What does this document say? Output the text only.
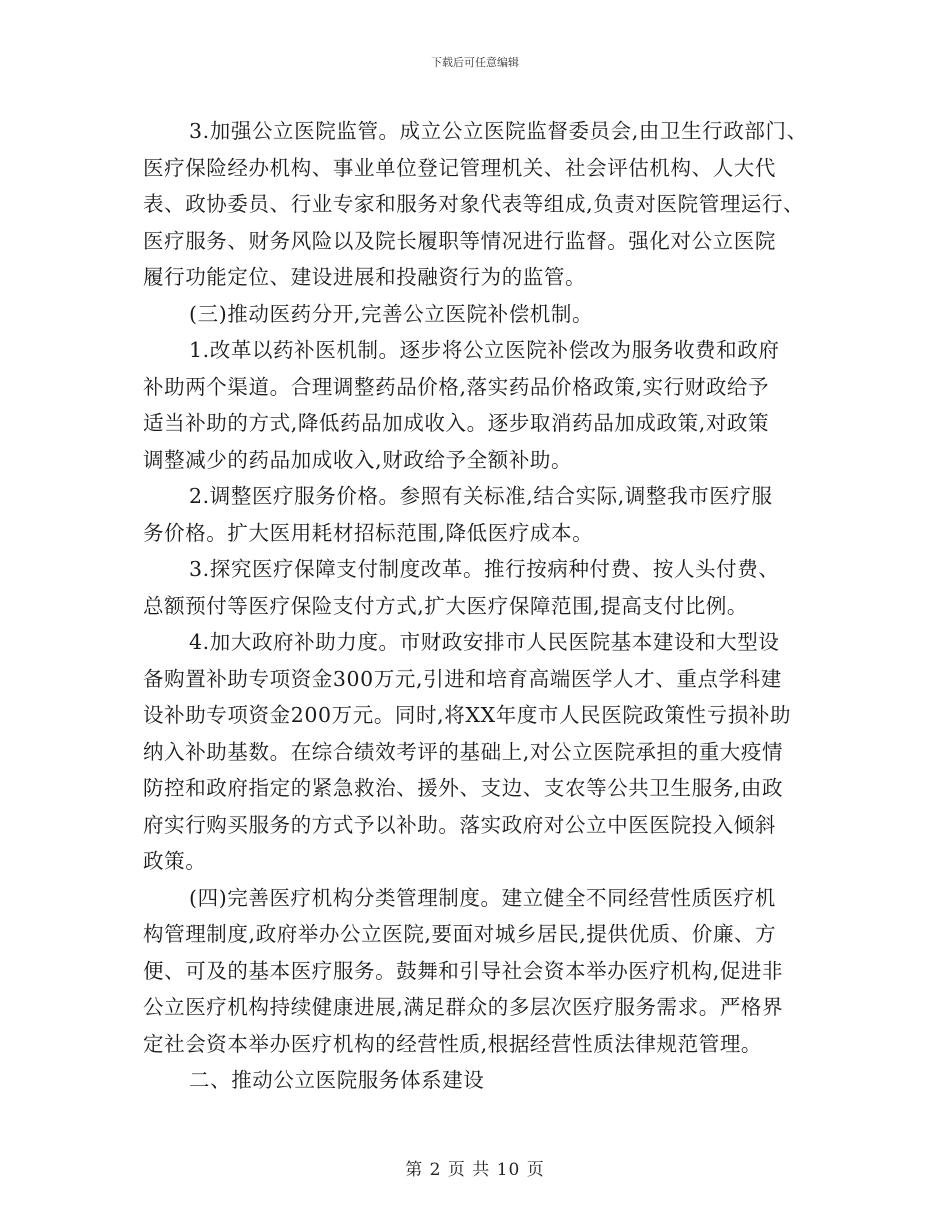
下载后可任意编辑
3.加强公立医院监管。成立公立医院监督委员会,由卫生行政部门、
医疗保险经办机构、事业单位登记管理机关、社会评估机构、人大代
表、政协委员、行业专家和服务对象代表等组成,负责对医院管理运行、
医疗服务、财务风险以及院长履职等情况进行监督。强化对公立医院
履行功能定位、建设进展和投融资行为的监管。
(三)推动医药分开,完善公立医院补偿机制。
1.改革以药补医机制。逐步将公立医院补偿改为服务收费和政府
补助两个渠道。合理调整药品价格,落实药品价格政策,实行财政给予
适当补助的方式,降低药品加成收入。逐步取消药品加成政策,对政策
调整减少的药品加成收入,财政给予全额补助。
2.调整医疗服务价格。参照有关标准,结合实际,调整我市医疗服
务价格。扩大医用耗材招标范围,降低医疗成本。
3.探究医疗保障支付制度改革。推行按病种付费、按人头付费、
总额预付等医疗保险支付方式,扩大医疗保障范围,提高支付比例。
4.加大政府补助力度。市财政安排市人民医院基本建设和大型设
备购置补助专项资金300万元,引进和培育高端医学人才、重点学科建
设补助专项资金200万元。同时,将XX年度市人民医院政策性亏损补助
纳入补助基数。在综合绩效考评的基础上,对公立医院承担的重大疫情
防控和政府指定的紧急救治、援外、支边、支农等公共卫生服务,由政
府实行购买服务的方式予以补助。落实政府对公立中医医院投入倾斜
政策。
(四)完善医疗机构分类管理制度。建立健全不同经营性质医疗机
构管理制度,政府举办公立医院,要面对城乡居民,提供优质、价廉、方
便、可及的基本医疗服务。鼓舞和引导社会资本举办医疗机构,促进非
公立医疗机构持续健康进展,满足群众的多层次医疗服务需求。严格界
定社会资本举办医疗机构的经营性质,根据经营性质法律规范管理。
二、推动公立医院服务体系建设
第 2 页 共 10 页
